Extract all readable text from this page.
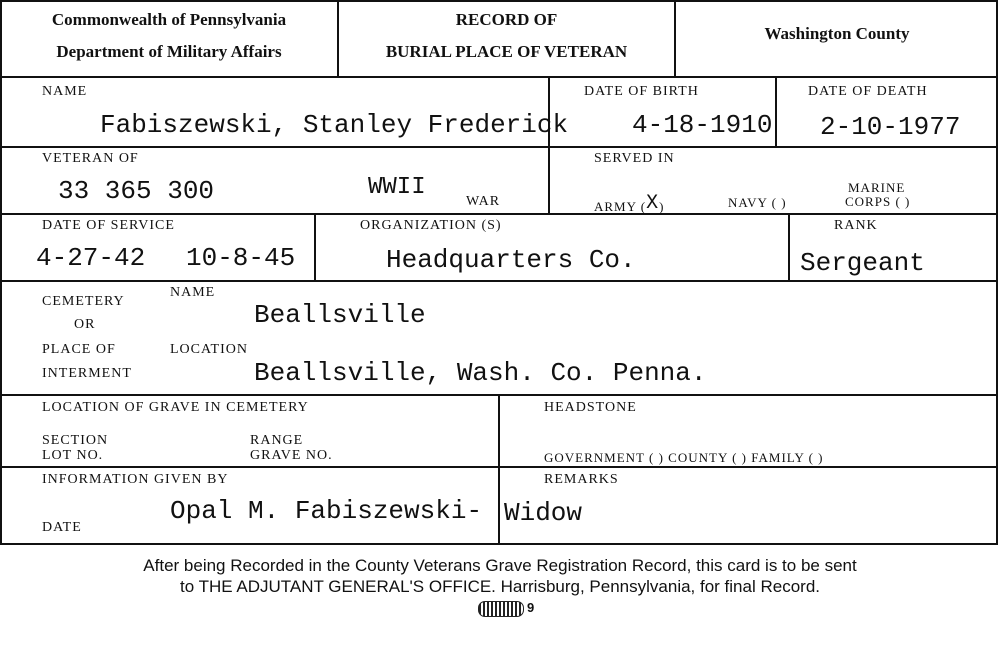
Commonwealth of Pennsylvania
Department of Military Affairs
RECORD OF
BURIAL PLACE OF VETERAN
Washington County
NAME
Fabiszewski, Stanley Frederick
DATE OF BIRTH
4-18-1910
DATE OF DEATH
2-10-1977
VETERAN OF
33 365 300	WWII
WAR
SERVED IN
ARMY (X)	NAVY ( )
MARINE
CORPS ( )
DATE OF SERVICE
4-27-42 10-8-45
ORGANIZATION (S)
Headquarters Co.
RANK
Sergeant
CEMETERY
OR
PLACE OF
INTERMENT
NAME
Beallsville
LOCATION
Beallsville, Wash. Co. Penna.
LOCATION OF GRAVE IN CEMETERY
SECTION
LOT NO.
RANGE
GRAVE NO.
HEADSTONE
GOVERNMENT ( ) COUNTY ( ) FAMILY ( )
INFORMATION GIVEN BY
DATE
Opal M. Fabiszewski-
REMARKS
Widow
After being Recorded in the County Veterans Grave Registration Record, this card is to be sent
to THE ADJUTANT GENERAL'S OFFICE. Harrisburg, Pennsylvania, for final Record.
9
